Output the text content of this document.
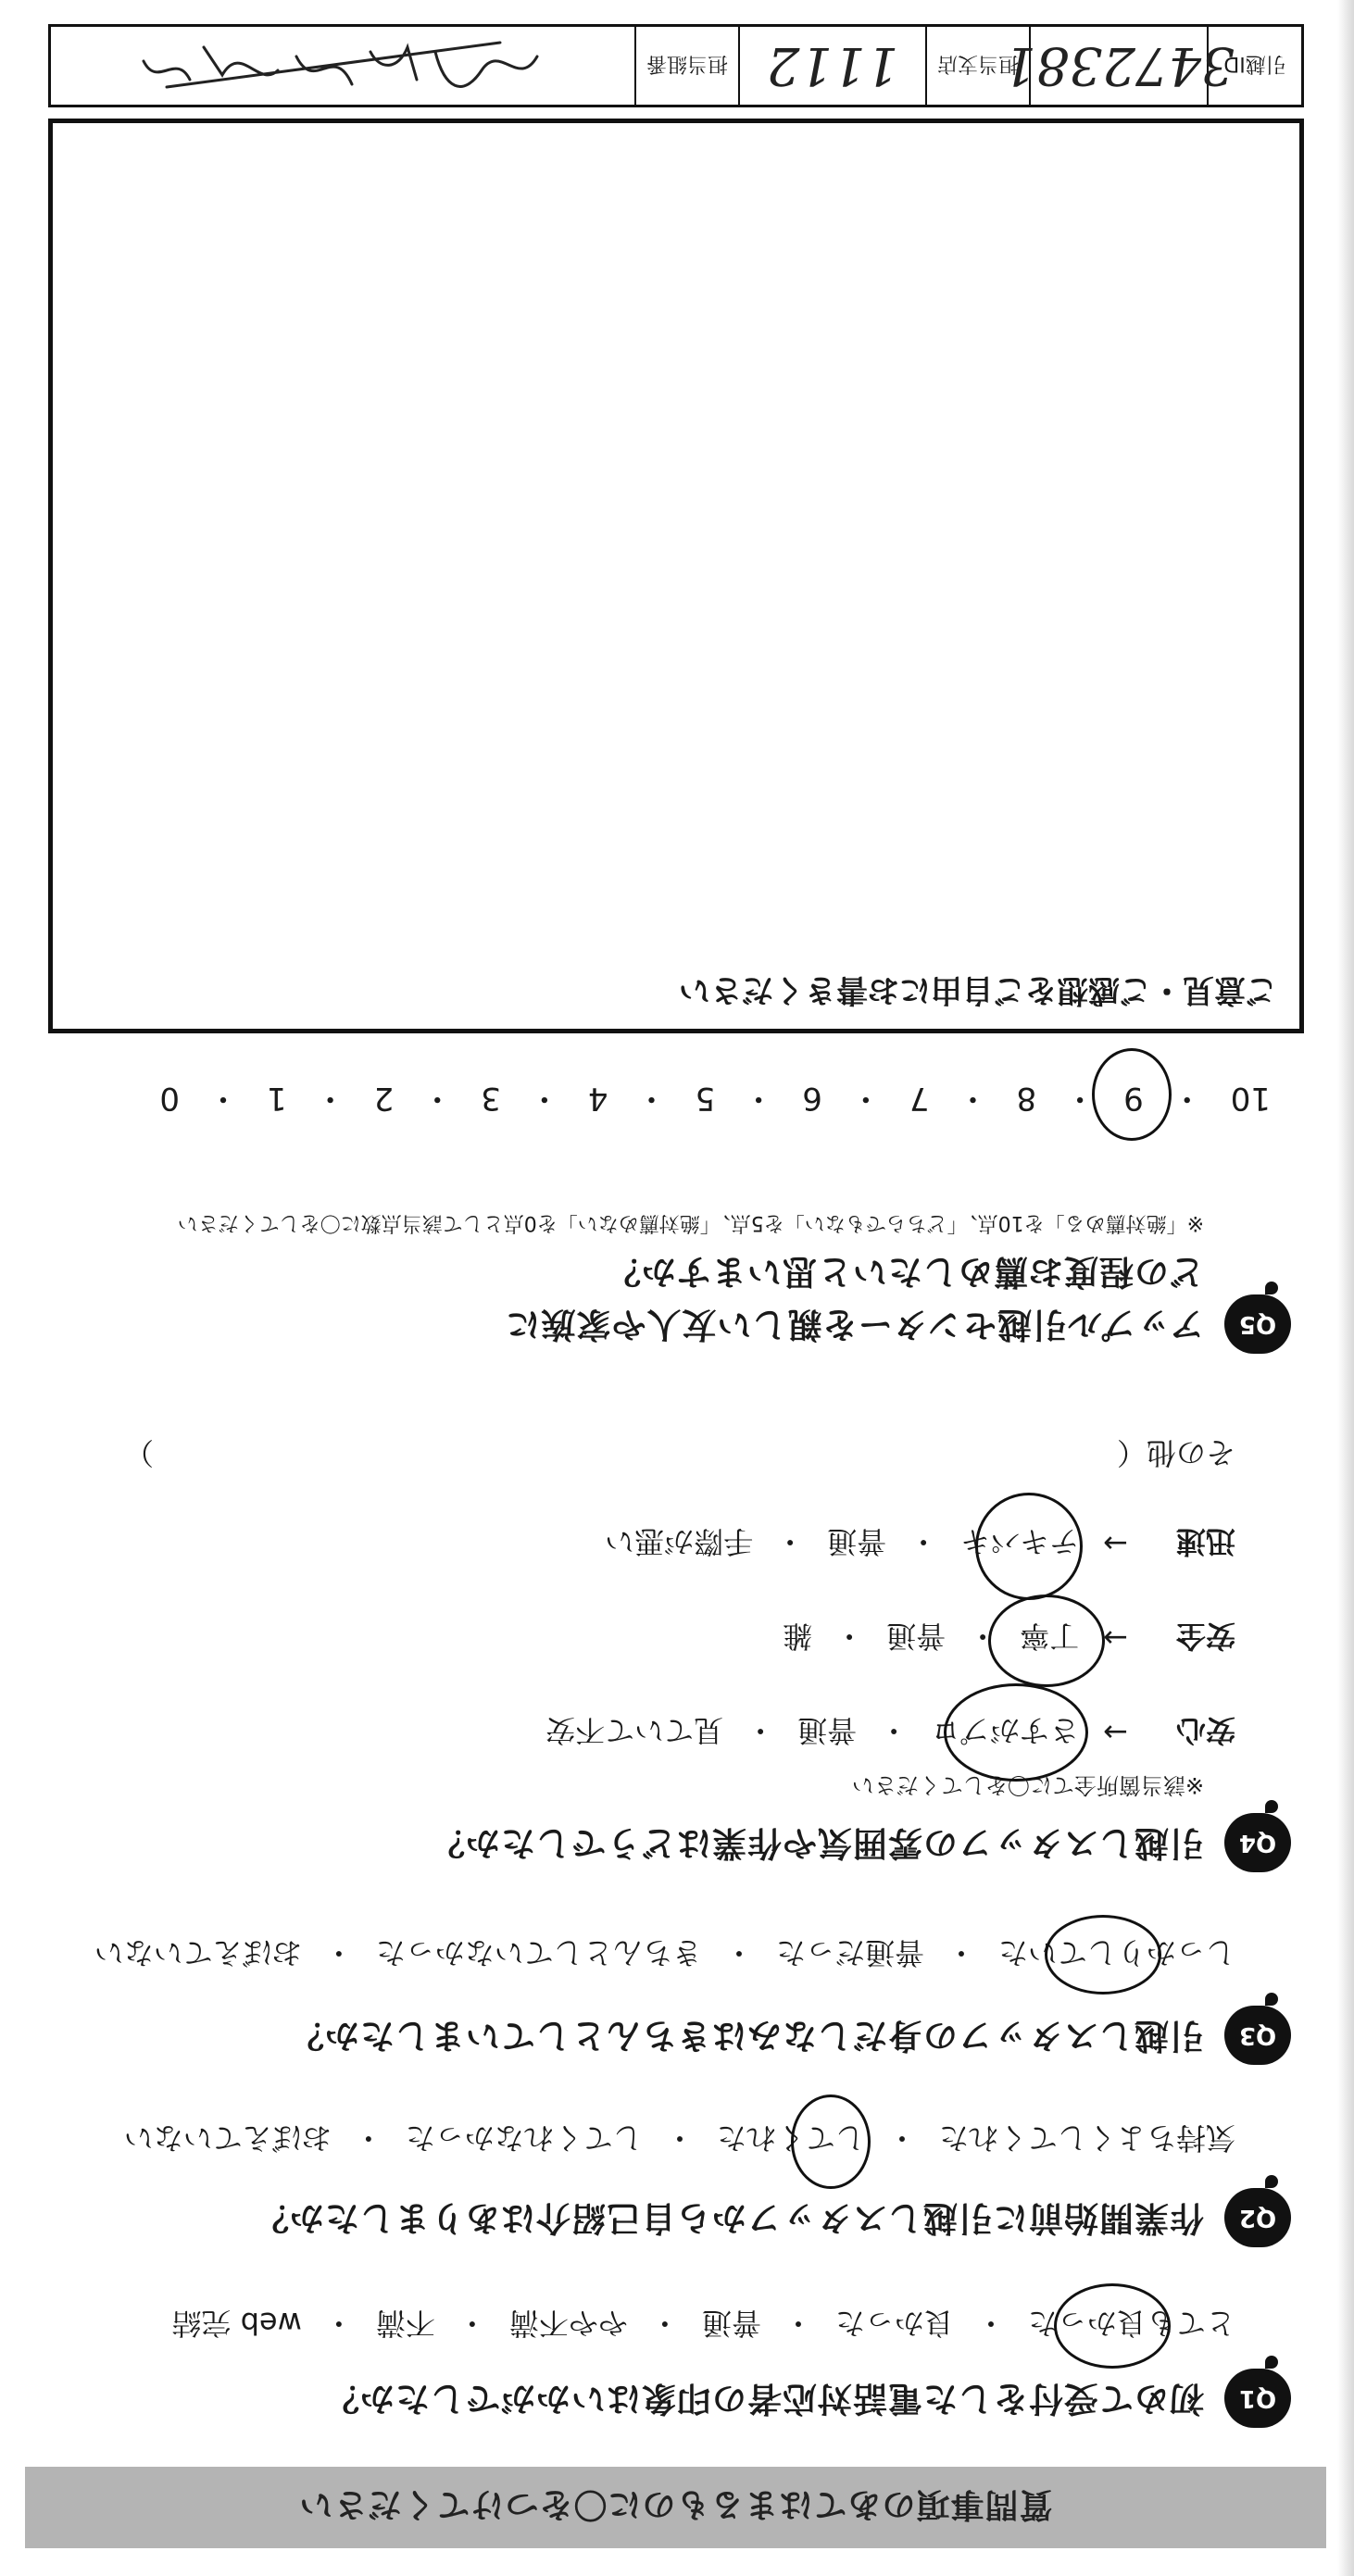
質問事項のあてはまるものに〇をつけてください
Q1
初めて受付をした電話対応者の印象はいかがでしたか？
とても良かった
・良かった・普通・やや不満・不満・web 完結
Q2
作業開始前に引越しスタッフから自己紹介はありましたか？
気持ちよくしてくれた・してくれた
・してくれなかった・おぼえていない
Q3
引越しスタッフの身だしなみはきちんとしていましたか？
しっかりしていた
・普通だった・きちんとしていなかった・おぼえていない
Q4
引越しスタッフの雰囲気や作業はどうでしたか？
※該当箇所全てに〇をしてください
安心
→
さすがプロ
・
普通
・
見ていて不安
安全
→
丁寧
・
普通
・
雑
迅速
→
テキパキ
・
普通
・
手際が悪い
その他（
）
Q5
アップル引越センターを親しい友人や家族に
どの程度お薦めしたいと思いますか？
※「絶対薦める」を10点、「どちらでもない」を5点、「絶対薦めない」を0点として該当点数に〇をしてください
10・9
・8・7・6・5・4・3・2・1・0
ご意見・ご感想をご自由にお書きください
引越ID
3472381
担当支店
1112
担当組番
